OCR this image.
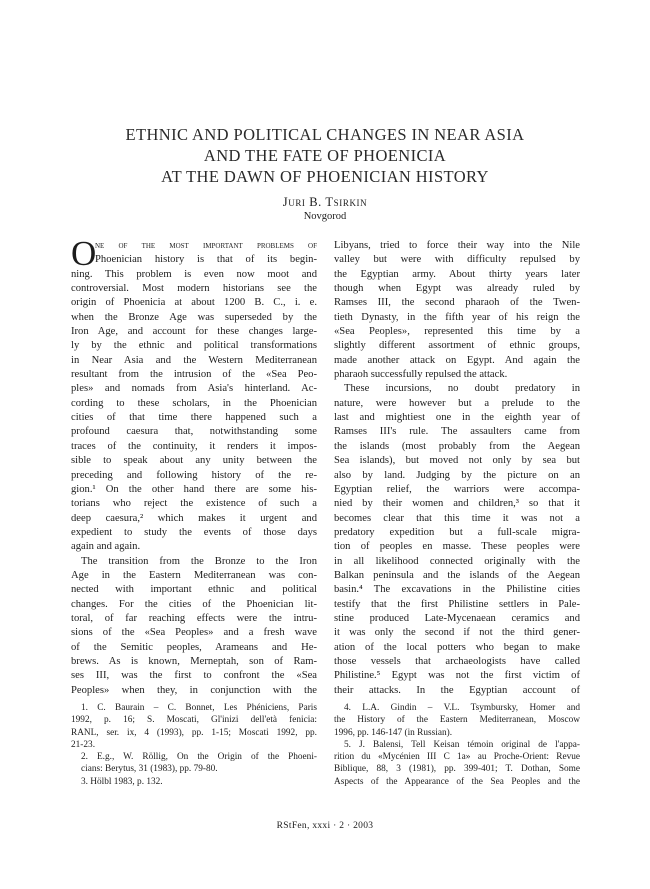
ETHNIC AND POLITICAL CHANGES IN NEAR ASIA
AND THE FATE OF PHOENICIA
AT THE DAWN OF PHOENICIAN HISTORY
Juri B. Tsirkin
Novgorod
O
ne of the most important problems of
Phoenician history is that of its begin-
ning. This problem is even now moot and
controversial. Most modern historians see the
origin of Phoenicia at about 1200 B. C., i. e.
when the Bronze Age was superseded by the
Iron Age, and account for these changes large-
ly by the ethnic and political transformations
in Near Asia and the Western Mediterranean
resultant from the intrusion of the «Sea Peo-
ples» and nomads from Asia's hinterland. Ac-
cording to these scholars, in the Phoenician
cities of that time there happened such a
profound caesura that, notwithstanding some
traces of the continuity, it renders it impos-
sible to speak about any unity between the
preceding and following history of the re-
gion.¹ On the other hand there are some his-
torians who reject the existence of such a
deep caesura,² which makes it urgent and
expedient to study the events of those days
again and again.
The transition from the Bronze to the Iron
Age in the Eastern Mediterranean was con-
nected with important ethnic and political
changes. For the cities of the Phoenician lit-
toral, of far reaching effects were the intru-
sions of the «Sea Peoples» and a fresh wave
of the Semitic peoples, Arameans and He-
brews. As is known, Merneptah, son of Ram-
ses III, was the first to confront the «Sea
Peoples» when they, in conjunction with the
Libyans, tried to force their way into the Nile
valley but were with difficulty repulsed by
the Egyptian army. About thirty years later
though when Egypt was already ruled by
Ramses III, the second pharaoh of the Twen-
tieth Dynasty, in the fifth year of his reign the
«Sea Peoples», represented this time by a
slightly different assortment of ethnic groups,
made another attack on Egypt. And again the
pharaoh successfully repulsed the attack.
These incursions, no doubt predatory in
nature, were however but a prelude to the
last and mightiest one in the eighth year of
Ramses III's rule. The assaulters came from
the islands (most probably from the Aegean
Sea islands), but moved not only by sea but
also by land. Judging by the picture on an
Egyptian relief, the warriors were accompa-
nied by their women and children,³ so that it
becomes clear that this time it was not a
predatory expedition but a full-scale migra-
tion of peoples en masse. These peoples were
in all likelihood connected originally with the
Balkan peninsula and the islands of the Aegean
basin.⁴ The excavations in the Philistine cities
testify that the first Philistine settlers in Pale-
stine produced Late-Mycenaean ceramics and
it was only the second if not the third gener-
ation of the local potters who began to make
those vessels that archaeologists have called
Philistine.⁵ Egypt was not the first victim of
their attacks. In the Egyptian account of
1. C. Baurain – C. Bonnet, Les Phéniciens, Paris
1992, p. 16; S. Moscati, Gl'inizi dell'età fenicia:
RANL, ser. ix, 4 (1993), pp. 1-15; Moscati 1992, pp.
21-23.
2. E.g., W. Röllig, On the Origin of the Phoeni-
cians: Berytus, 31 (1983), pp. 79-80.
3. Hölbl 1983, p. 132.
4. L.A. Gindin – V.L. Tsymbursky, Homer and
the History of the Eastern Mediterranean, Moscow
1996, pp. 146-147 (in Russian).
5. J. Balensi, Tell Keisan témoin original de l'appa-
rition du «Mycénien III C 1a» au Proche-Orient: Revue
Biblique, 88, 3 (1981), pp. 399-401; T. Dothan, Some
Aspects of the Appearance of the Sea Peoples and the
RStFen, xxxi · 2 · 2003
